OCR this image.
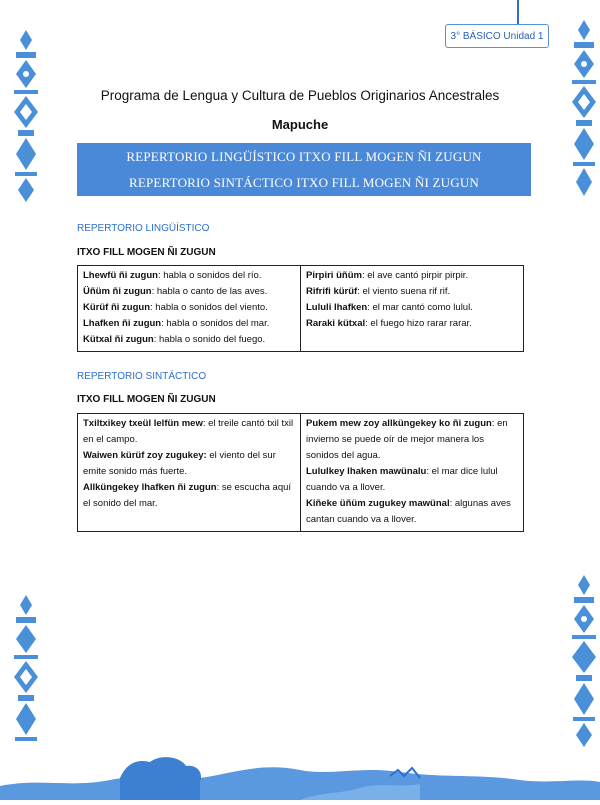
3° BÁSICO Unidad 1
Programa de Lengua y Cultura de Pueblos Originarios Ancestrales
Mapuche
REPERTORIO LINGÜÍSTICO ITXO FILL MOGEN ÑI ZUGUN
REPERTORIO SINTÁCTICO ITXO FILL MOGEN ÑI ZUGUN
REPERTORIO LINGÜÍSTICO
ITXO FILL MOGEN ÑI ZUGUN
Lhewfü ñi zugun: habla o sonidos del río.
Üñüm ñi zugun: habla o canto de las aves.
Kürüf ñi zugun: habla o sonidos del viento.
Lhafken ñi zugun: habla o sonidos del mar.
Kütxal ñi zugun: habla o sonido del fuego.

Pirpiri üñüm: el ave cantó pirpir pirpir.
Rifrifi kürüf: el viento suena rif rif.
Lululi lhafken: el mar cantó como lulul.
Raraki kütxal: el fuego hizo rarar rarar.
REPERTORIO SINTÁCTICO
ITXO FILL MOGEN ÑI ZUGUN
Txiltxikey txeül lelfün mew: el treile cantó txil txil en el campo.
Waiwen kürüf zoy zugukey: el viento del sur emite sonido más fuerte.
Allküngekey lhafken ñi zugun: se escucha aquí el sonido del mar.

Pukem mew zoy allküngekey ko ñi zugun: en invierno se puede oír de mejor manera los sonidos del agua.
Lululkey lhaken mawünalu: el mar dice lulul cuando va a llover.
Kiñeke üñüm zugukey mawünal: algunas aves cantan cuando va a llover.
